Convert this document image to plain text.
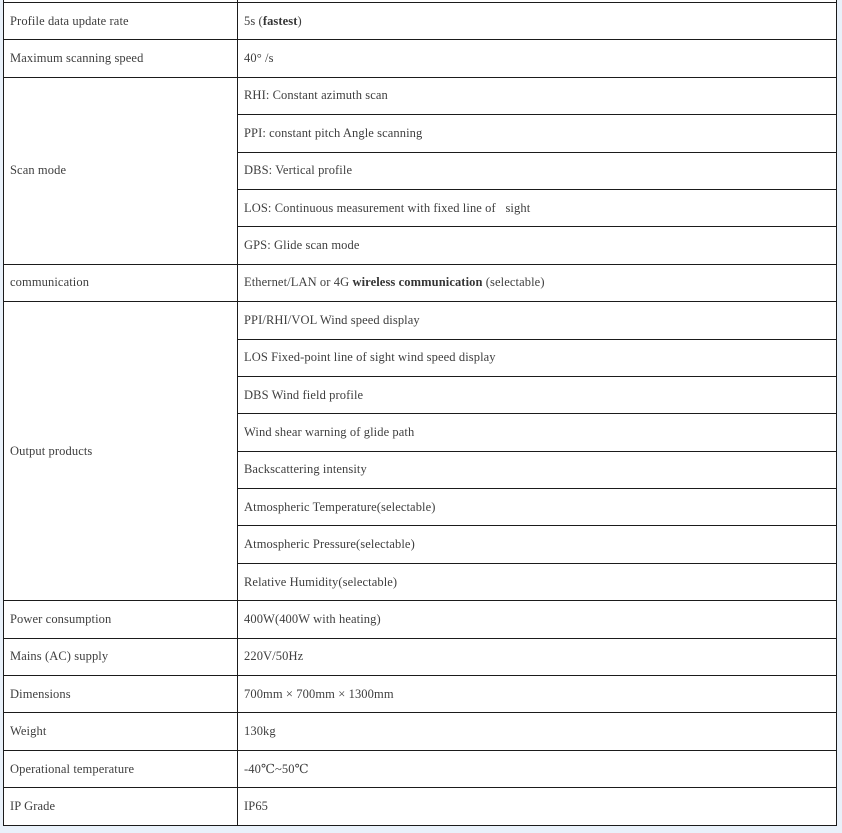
Profile data update rate	5s (fastest)
Maximum scanning speed	40° /s
Scan mode	RHI: Constant azimuth scan
	PPI: constant pitch Angle scanning
	DBS: Vertical profile
	LOS: Continuous measurement with fixed line of   sight
	GPS: Glide scan mode
communication	Ethernet/LAN or 4G wireless communication (selectable)
Output products	PPI/RHI/VOL Wind speed display
	LOS Fixed-point line of sight wind speed display
	DBS Wind field profile
	Wind shear warning of glide path
	Backscattering intensity
	Atmospheric Temperature(selectable)
	Atmospheric Pressure(selectable)
	Relative Humidity(selectable)
Power consumption	400W(400W with heating)
Mains (AC) supply	220V/50Hz
Dimensions	700mm × 700mm × 1300mm
Weight	130kg
Operational temperature	-40℃~50℃
IP Grade	IP65
